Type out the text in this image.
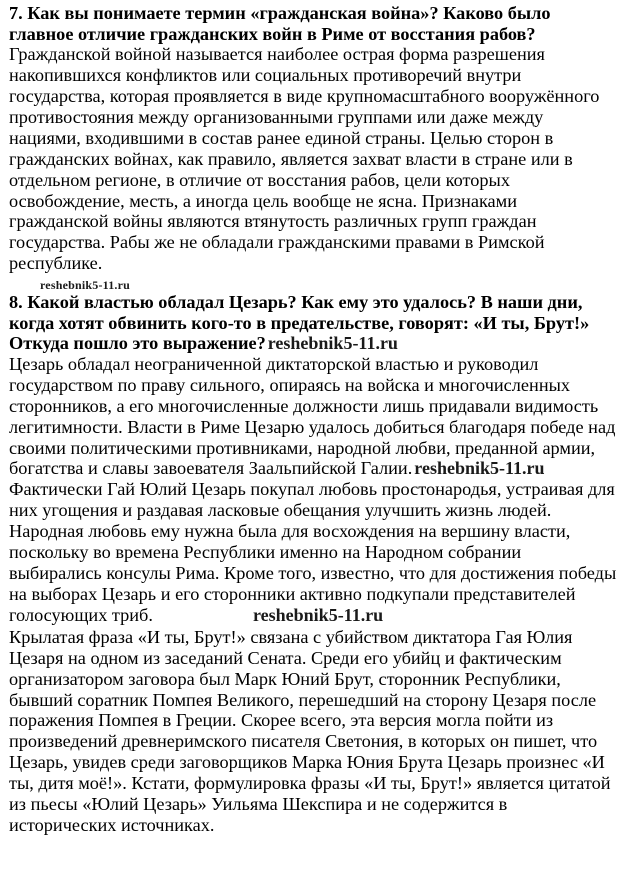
7. Как вы понимаете термин «гражданская война»? Каково было
главное отличие гражданских войн в Риме от восстания рабов?
Гражданской войной называется наиболее острая форма разрешения
накопившихся конфликтов или социальных противоречий внутри
государства, которая проявляется в виде крупномасштабного вооружённого
противостояния между организованными группами или даже между
нациями, входившими в состав ранее единой страны. Целью сторон в
гражданских войнах, как правило, является захват власти в стране или в
отдельном регионе, в отличие от восстания рабов, цели которых
освобождение, месть, а иногда цель вообще не ясна. Признаками
гражданской войны являются втянутость различных групп граждан
государства. Рабы же не обладали гражданскими правами в Римской
республике.
reshebnik5-11.ru
8. Какой властью обладал Цезарь? Как ему это удалось? В наши дни,
когда хотят обвинить кого-то в предательстве, говорят: «И ты, Брут!»
Откуда пошло это выражение? reshebnik5-11.ru
Цезарь обладал неограниченной диктаторской властью и руководил
государством по праву сильного, опираясь на войска и многочисленных
сторонников, а его многочисленные должности лишь придавали видимость
легитимности. Власти в Риме Цезарю удалось добиться благодаря победе над
своими политическими противниками, народной любви, преданной армии,
богатства и славы завоевателя Заальпийской Галии. reshebnik5-11.ru
Фактически Гай Юлий Цезарь покупал любовь простонародья, устраивая для
них угощения и раздавая ласковые обещания улучшить жизнь людей.
Народная любовь ему нужна была для восхождения на вершину власти,
поскольку во времена Республики именно на Народном собрании
выбирались консулы Рима. Кроме того, известно, что для достижения победы
на выборах Цезарь и его сторонники активно подкупали представителей
голосующих триб.	reshebnik5-11.ru
Крылатая фраза «И ты, Брут!» связана с убийством диктатора Гая Юлия
Цезаря на одном из заседаний Сената. Среди его убийц и фактическим
организатором заговора был Марк Юний Брут, сторонник Республики,
бывший соратник Помпея Великого, перешедший на сторону Цезаря после
поражения Помпея в Греции. Скорее всего, эта версия могла пойти из
произведений древнеримского писателя Светония, в которых он пишет, что
Цезарь, увидев среди заговорщиков Марка Юния Брута Цезарь произнес «И
ты, дитя моё!». Кстати, формулировка фразы «И ты, Брут!» является цитатой
из пьесы «Юлий Цезарь» Уильяма Шекспира и не содержится в
исторических источниках.
